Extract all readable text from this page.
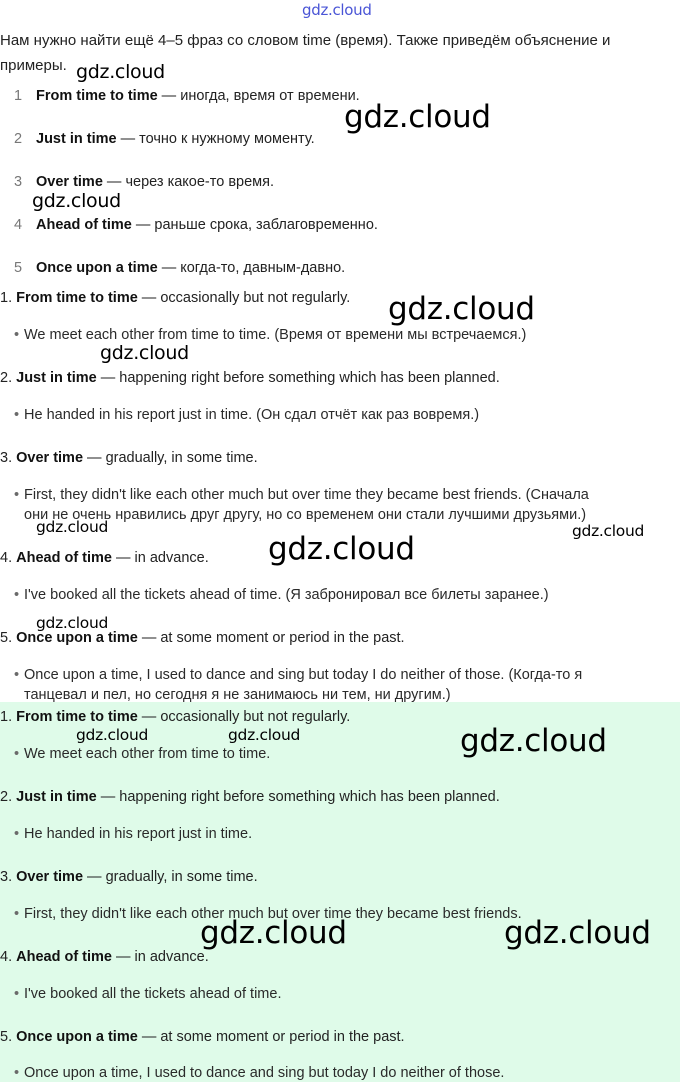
gdz.cloud
Нам нужно найти ещё 4–5 фраз со словом time (время). Также приведём объяснение и примеры.
1 From time to time — иногда, время от времени.
2 Just in time — точно к нужному моменту.
3 Over time — через какое-то время.
4 Ahead of time — раньше срока, заблаговременно.
5 Once upon a time — когда-то, давным-давно.
1. From time to time — occasionally but not regularly.
• We meet each other from time to time. (Время от времени мы встречаемся.)
2. Just in time — happening right before something which has been planned.
• He handed in his report just in time. (Он сдал отчёт как раз вовремя.)
3. Over time — gradually, in some time.
• First, they didn't like each other much but over time they became best friends. (Сначала
они не очень нравились друг другу, но со временем они стали лучшими друзьями.)
4. Ahead of time — in advance.
• I've booked all the tickets ahead of time. (Я забронировал все билеты заранее.)
5. Once upon a time — at some moment or period in the past.
• Once upon a time, I used to dance and sing but today I do neither of those. (Когда-то я
танцевал и пел, но сегодня я не занимаюсь ни тем, ни другим.)
1. From time to time — occasionally but not regularly.
• We meet each other from time to time.
2. Just in time — happening right before something which has been planned.
• He handed in his report just in time.
3. Over time — gradually, in some time.
• First, they didn't like each other much but over time they became best friends.
4. Ahead of time — in advance.
• I've booked all the tickets ahead of time.
5. Once upon a time — at some moment or period in the past.
• Once upon a time, I used to dance and sing but today I do neither of those.
gdz.cloud
gdz.cloud
gdz.cloud
gdz.cloud
gdz.cloud
gdz.cloud	gdz.cloud
gdz.cloud
gdz.cloud
gdz.cloud	gdz.cloud	gdz.cloud
gdz.cloud	gdz.cloud
